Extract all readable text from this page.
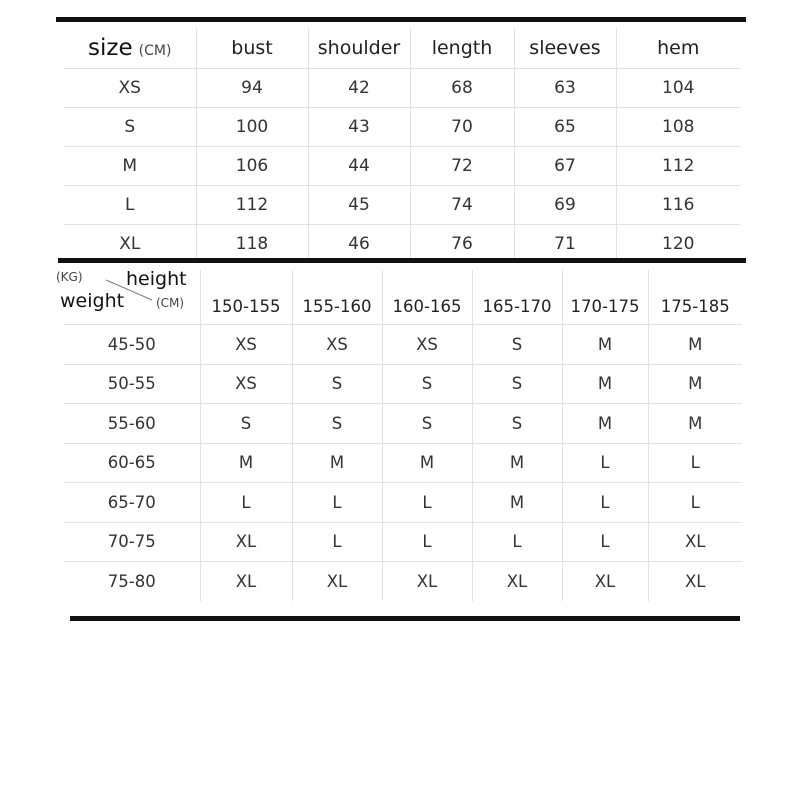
size (CM)	bust	shoulder	length	sleeves	hem
XS	94	42	68	63	104
S	100	43	70	65	108
M	106	44	72	67	112
L	112	45	74	69	116
XL	118	46	76	71	120
(KG) height
weight (CM)	150-155	155-160	160-165	165-170	170-175	175-185
45-50	XS	XS	XS	S	M	M
50-55	XS	S	S	S	M	M
55-60	S	S	S	S	M	M
60-65	M	M	M	M	L	L
65-70	L	L	L	M	L	L
70-75	XL	L	L	L	L	XL
75-80	XL	XL	XL	XL	XL	XL
